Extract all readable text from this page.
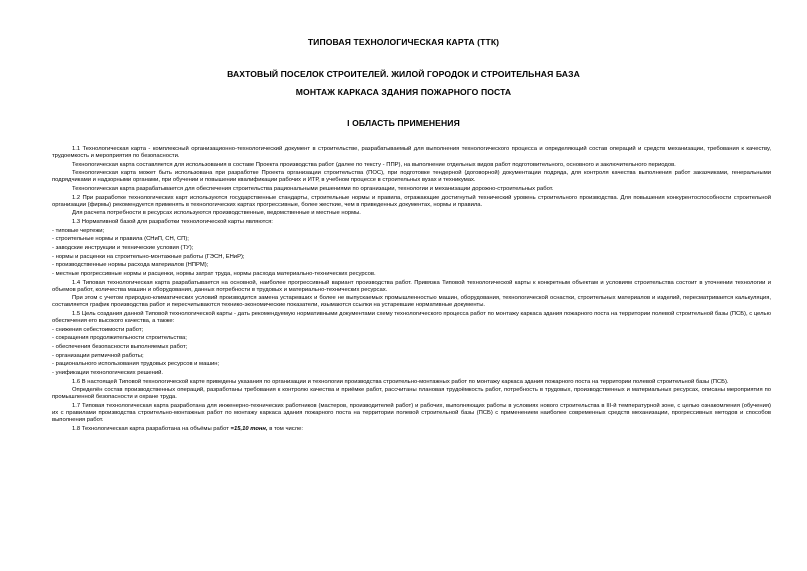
ТИПОВАЯ ТЕХНОЛОГИЧЕСКАЯ КАРТА (ТТК)
ВАХТОВЫЙ ПОСЕЛОК СТРОИТЕЛЕЙ. ЖИЛОЙ ГОРОДОК И СТРОИТЕЛЬНАЯ БАЗА
МОНТАЖ КАРКАСА ЗДАНИЯ ПОЖАРНОГО ПОСТА
I ОБЛАСТЬ ПРИМЕНЕНИЯ

1.1 Технологическая карта - комплексный организационно-технологический документ в строительстве, разрабатываемый для выполнения технологического процесса и определяющий состав операций и средств механизации, требования к качеству, трудоемкость и мероприятия по безопасности.

Технологическая карта составляется для использования в составе Проекта производства работ (далее по тексту - ППР), на выполнение отдельных видов работ подготовительного, основного и заключительного периодов.

Технологическая карта может быть использована при разработке Проекта организации строительства (ПОС), при подготовке тендерной (договорной) документации подряда, для контроля качества выполнения работ заказчиками, генеральными подрядчиками и надзорными органами, при обучении и повышении квалификации рабочих и ИТР, в учебном процессе в строительных вузах и техникумах.

Технологическая карта разрабатывается для обеспечения строительства рациональными решениями по организации, технологии и механизации дорожно-строительных работ.

1.2 При разработке технологических карт используются государственные стандарты, строительные нормы и правила, отражающие достигнутый технический уровень строительного производства. Для повышения конкурентоспособности строительной организации (фирмы) рекомендуется применять в технологических картах прогрессивные, более жесткие, чем в приведенных документах, нормы и правила.

Для расчета потребности в ресурсах используются производственные, ведомственные и местные нормы.

1.3 Нормативной базой для разработки технологической карты являются:

- типовые чертежи;

- строительные нормы и правила (СНиП, СН, СП);

- заводские инструкции и технические условия (ТУ);

- нормы и расценки на строительно-монтажные работы (ГЭСН, ЕНиР);

- производственные нормы расхода материалов (НПРМ);

- местные прогрессивные нормы и расценки, нормы затрат труда, нормы расхода материально-технических ресурсов.

1.4 Типовая технологическая карта разрабатывается на основной, наиболее прогрессивный вариант производства работ. Привязка Типовой технологической карты к конкретным объектам и условиям строительства состоит в уточнении технологии и объемов работ, количества машин и оборудования, данных потребности в трудовых и материально-технических ресурсах.

При этом с учетом природно-климатических условий производится замена устаревших и более не выпускаемых промышленностью машин, оборудования, технологической оснастки, строительных материалов и изделий, пересматривается калькуляция, составляется график производства работ и пересчитываются технико-экономические показатели, изымаются ссылки на устаревшие нормативные документы.

1.5 Цель создания данной Типовой технологической карты - дать рекомендуемую нормативными документами схему технологического процесса работ по монтажу каркаса здания пожарного поста на территории полевой строительной базы (ПСБ), с целью обеспечения его высокого качества, а также:

- снижения себестоимости работ;

- сокращения продолжительности строительства;

- обеспечения безопасности выполняемых работ;

- организации ритмичной работы;

- рационального использования трудовых ресурсов и машин;

- унификации технологических решений.

1.6 В настоящей Типовой технологической карте приведены указания по организации и технологии производства строительно-монтажных работ по монтажу каркаса здания пожарного поста на территории полевой строительной базы (ПСБ).

Определён состав производственных операций, разработаны требования к контролю качества и приёмке работ, рассчитаны плановая трудоёмкость работ, потребность в трудовых, производственных и материальных ресурсах, описаны мероприятия по промышленной безопасности и охране труда.

1.7 Типовая технологическая карта разработана для инженерно-технических работников (мастеров, производителей работ) и рабочих, выполняющих работы в условиях нового строительства в III-й температурной зоне, с целью ознакомления (обучения) их с правилами производства строительно-монтажных работ по монтажу каркаса здания пожарного поста на территории полевой строительной базы (ПСБ) с применением наиболее современных средств механизации, прогрессивных методов и способов выполнения работ.

1.8 Технологическая карта разработана на объёмы работ =15,10 тонн, в том числе:
